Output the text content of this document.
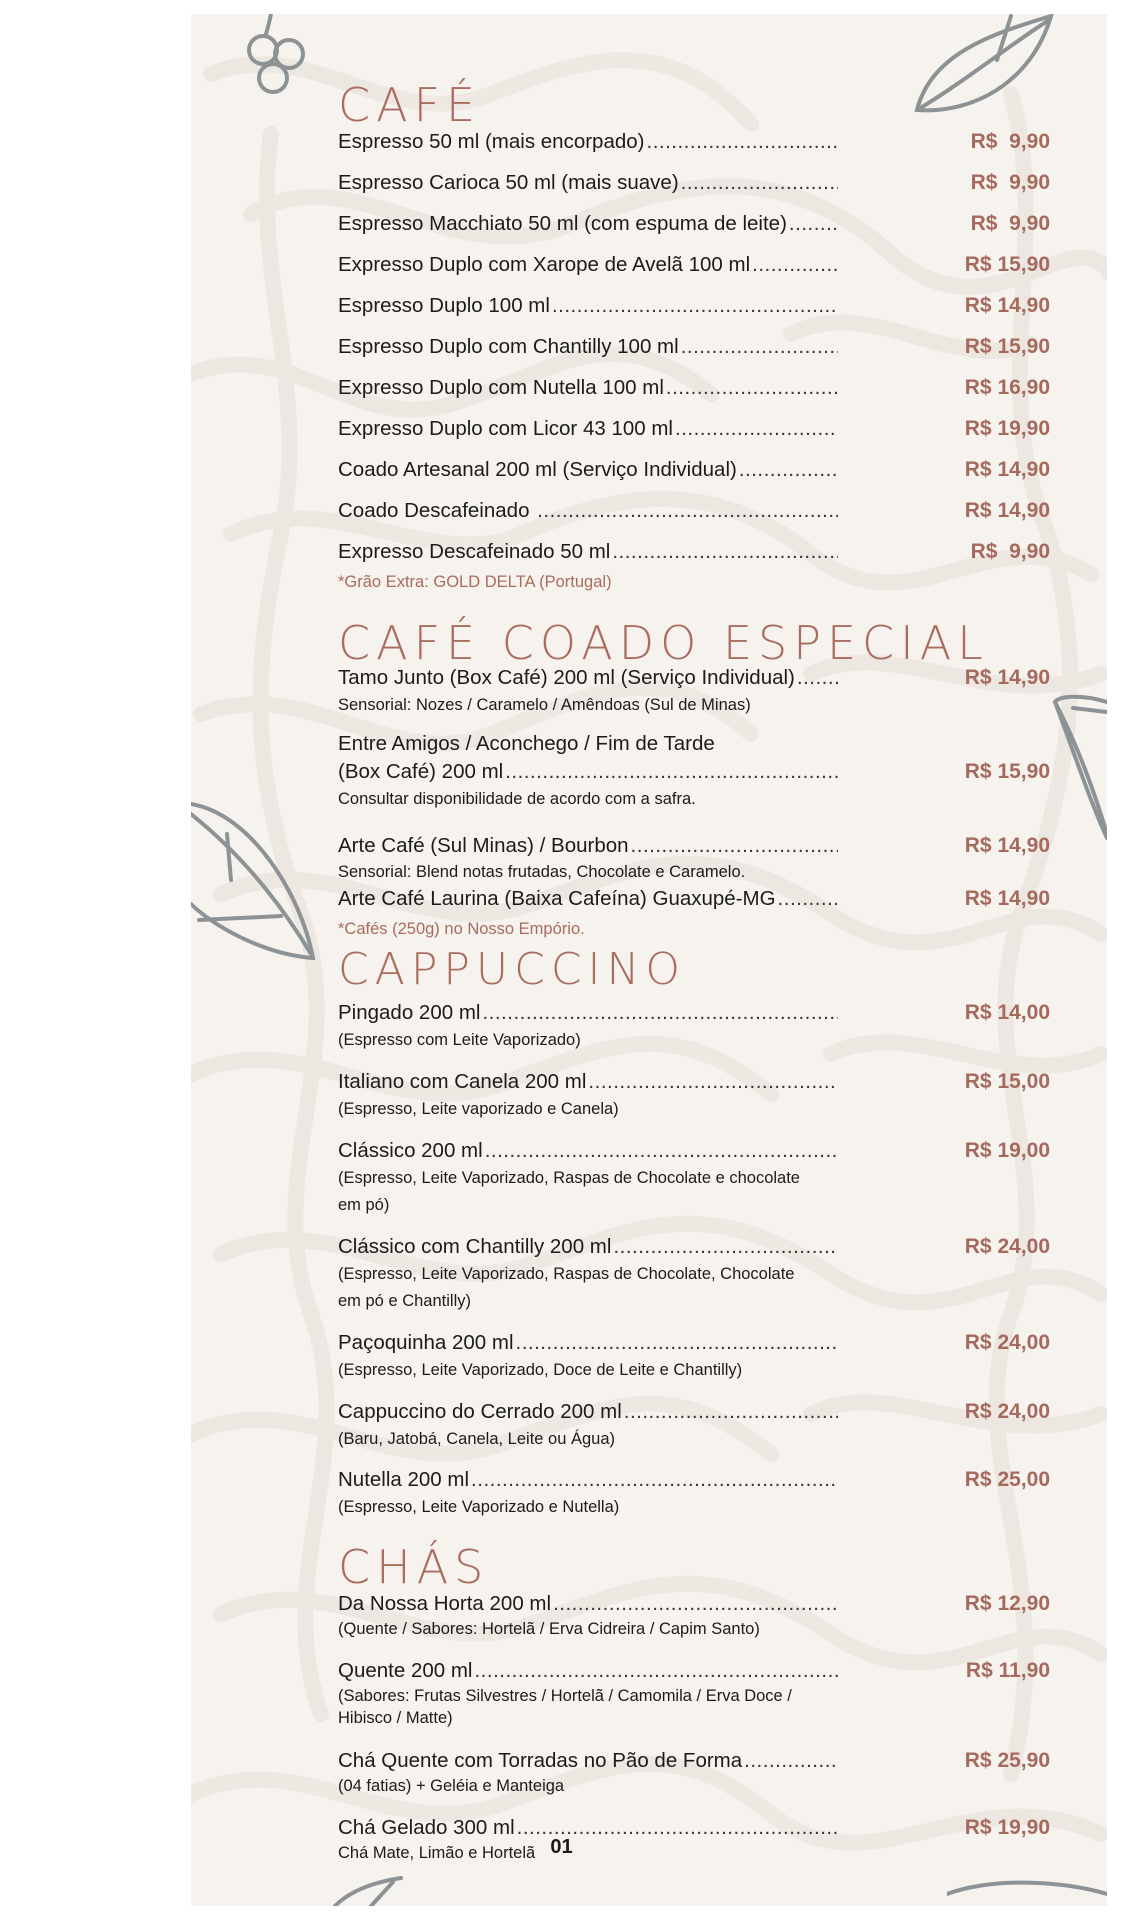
CAFÉ
Espresso 50 ml (mais encorpado) .....	R$  9,90
Espresso Carioca 50 ml (mais suave) .....	R$  9,90
Espresso Macchiato 50 ml (com espuma de leite) .....	R$  9,90
Expresso Duplo com Xarope de Avelã 100 ml .....	R$ 15,90
Espresso Duplo 100 ml .....	R$ 14,90
Espresso Duplo com Chantilly 100 ml .....	R$ 15,90
Expresso Duplo com Nutella 100 ml .....	R$ 16,90
Expresso Duplo com Licor 43 100 ml .....	R$ 19,90
Coado Artesanal 200 ml (Serviço Individual) .....	R$ 14,90
Coado Descafeinado .....	R$ 14,90
Expresso Descafeinado 50 ml .....	R$  9,90
*Grão Extra: GOLD DELTA (Portugal)
CAFÉ COADO ESPECIAL
Tamo Junto (Box Café) 200 ml (Serviço Individual) .....	R$ 14,90
Sensorial: Nozes / Caramelo / Amêndoas (Sul de Minas)
Entre Amigos / Aconchego / Fim de Tarde
(Box Café) 200 ml .....	R$ 15,90
Consultar disponibilidade de acordo com a safra.
Arte Café (Sul Minas) / Bourbon .....	R$ 14,90
Sensorial: Blend notas frutadas, Chocolate e Caramelo.
Arte Café Laurina (Baixa Cafeína) Guaxupé-MG .....	R$ 14,90
*Cafés (250g) no Nosso Empório.
CAPPUCCINO
Pingado 200 ml .....	R$ 14,00
(Espresso com Leite Vaporizado)
Italiano com Canela 200 ml .....	R$ 15,00
(Espresso, Leite vaporizado e Canela)
Clássico 200 ml .....	R$ 19,00
(Espresso, Leite Vaporizado, Raspas de Chocolate e chocolate em pó)
Clássico com Chantilly 200 ml .....	R$ 24,00
(Espresso, Leite Vaporizado, Raspas de Chocolate, Chocolate em pó e Chantilly)
Paçoquinha 200 ml .....	R$ 24,00
(Espresso, Leite Vaporizado, Doce de Leite e Chantilly)
Cappuccino do Cerrado 200 ml .....	R$ 24,00
(Baru, Jatobá, Canela, Leite ou Água)
Nutella 200 ml .....	R$ 25,00
(Espresso, Leite Vaporizado e Nutella)
CHÁS
Da Nossa Horta 200 ml .....	R$ 12,90
(Quente / Sabores: Hortelã / Erva Cidreira / Capim Santo)
Quente 200 ml .....	R$ 11,90
(Sabores: Frutas Silvestres / Hortelã / Camomila / Erva Doce / Hibisco / Matte)
Chá Quente com Torradas no Pão de Forma .....	R$ 25,90
(04 fatias) + Geléia e Manteiga
Chá Gelado 300 ml .....	R$ 19,90
Chá Mate, Limão e Hortelã 01
